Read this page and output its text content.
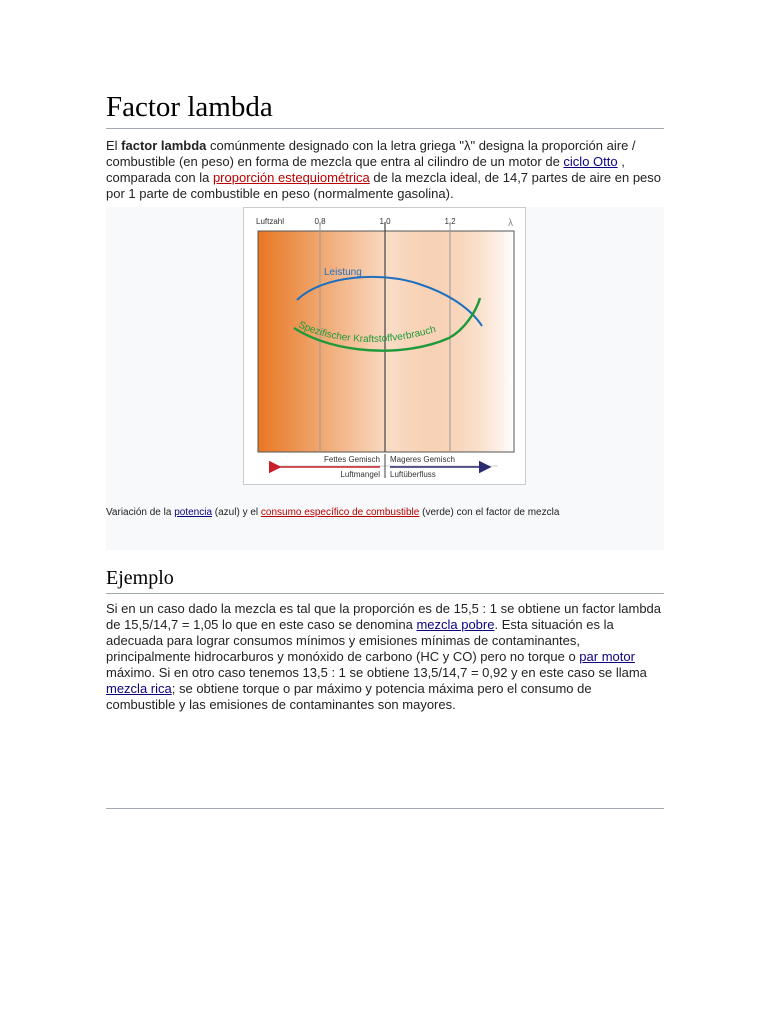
Factor lambda

El factor lambda comúnmente designado con la letra griega "λ" designa la proporción aire / combustible (en peso) en forma de mezcla que entra al cilindro de un motor de ciclo Otto , comparada con la proporción estequiométrica de la mezcla ideal, de 14,7 partes de aire en peso por 1 parte de combustible en peso (normalmente gasolina).

Luftzahl	λ
0,8	1,0	1,2
Leistung
Spezifischer Kraftstoffverbrauch
Fettes Gemisch Mageres Gemisch
Luftmangel Luftüberfluss
Variación de la potencia (azul) y el consumo específico de combustible (verde) con el factor de mezcla
Ejemplo

Si en un caso dado la mezcla es tal que la proporción es de 15,5 : 1 se obtiene un factor lambda de 15,5/14,7 = 1,05 lo que en este caso se denomina mezcla pobre. Esta situación es la adecuada para lograr consumos mínimos y emisiones mínimas de contaminantes, principalmente hidrocarburos y monóxido de carbono (HC y CO) pero no torque o par motor máximo. Si en otro caso tenemos 13,5 : 1 se obtiene 13,5/14,7 = 0,92 y en este caso se llama mezcla rica; se obtiene torque o par máximo y potencia máxima pero el consumo de combustible y las emisiones de contaminantes son mayores.
